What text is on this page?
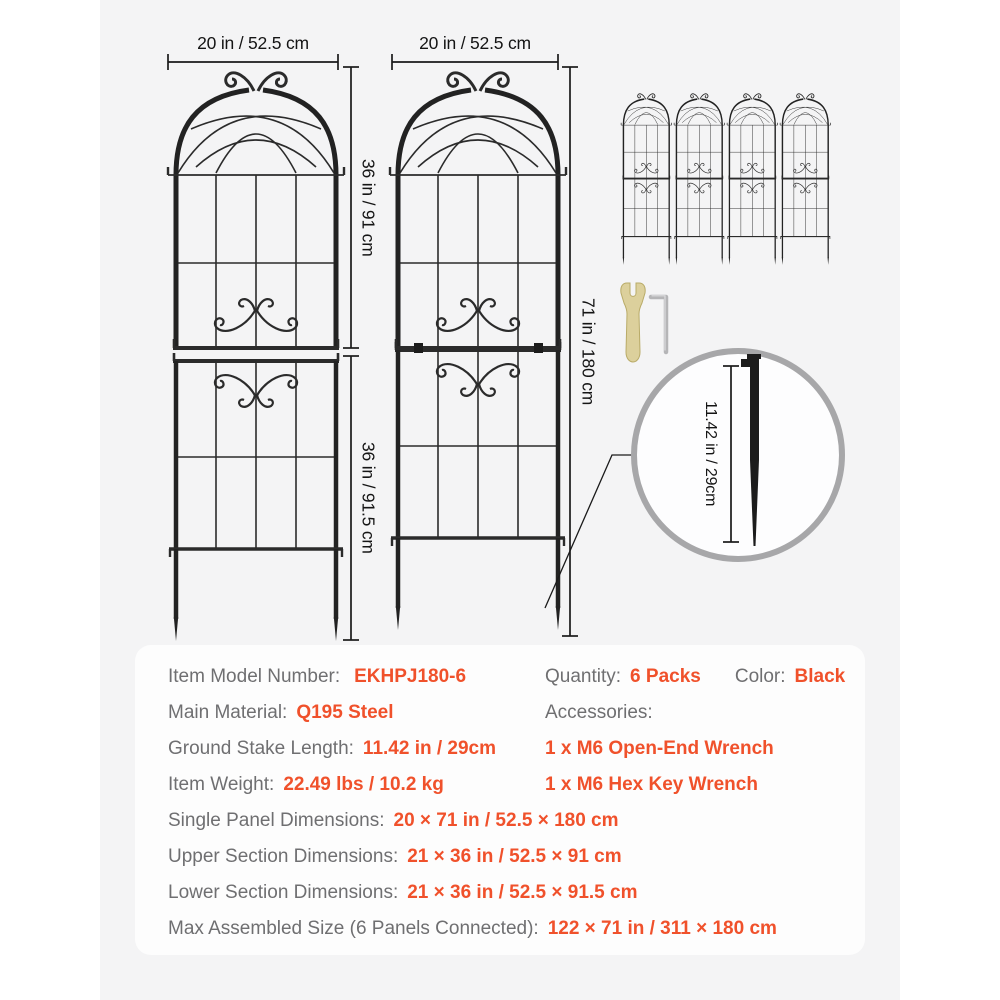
20 in / 52.5 cm	20 in / 52.5 cm
36 in / 91 cm
36 in / 91.5 cm
71 in / 180 cm
11.42 in / 29cm
Item Model Number: EKHPJ180-6	Quantity: 6 Packs Color: Black
Main Material: Q195 Steel	Accessories:
Ground Stake Length: 11.42 in / 29cm	1 x M6 Open-End Wrench
Item Weight: 22.49 lbs / 10.2 kg	1 x M6 Hex Key Wrench
Single Panel Dimensions: 20 × 71 in / 52.5 × 180 cm
Upper Section Dimensions: 21 × 36 in / 52.5 × 91 cm
Lower Section Dimensions: 21 × 36 in / 52.5 × 91.5 cm
Max Assembled Size (6 Panels Connected): 122 × 71 in / 311 × 180 cm
